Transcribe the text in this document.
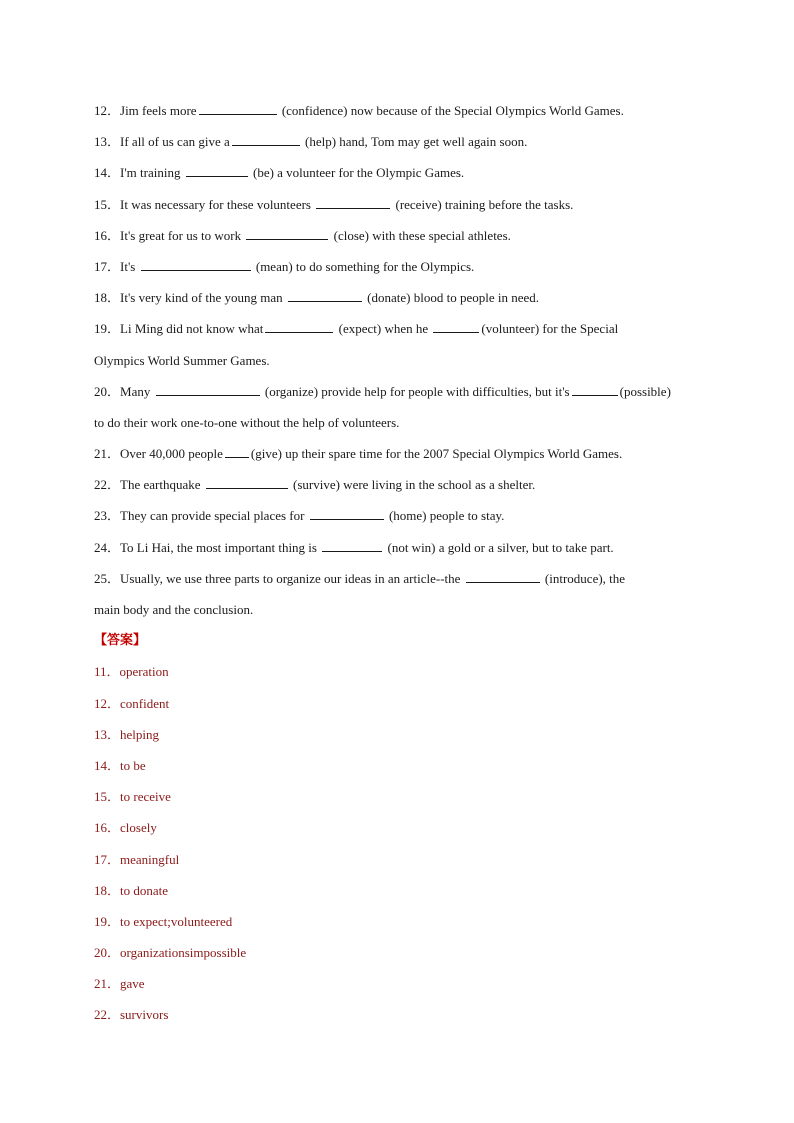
12．Jim feels more	(confidence) now because of the Special Olympics World Games.
13．If all of us can give a	(help) hand, Tom may get well again soon.
14．I'm training	(be) a volunteer for the Olympic Games.
15．It was necessary for these volunteers	(receive) training before the tasks.
16．It's great for us to work	(close) with these special athletes.
17．It's	(mean) to do something for the Olympics.
18．It's very kind of the young man	(donate) blood to people in need.
19．Li Ming did not know what	(expect) when he	(volunteer) for the Special
Olympics World Summer Games.
20．Many	(organize) provide help for people with difficulties, but it's	(possible)
to do their work one-to-one without the help of volunteers.
21．Over 40,000 people (give) up their spare time for the 2007 Special Olympics World Games.
22．The earthquake	(survive) were living in the school as a shelter.
23．They can provide special places for	(home) people to stay.
24．To Li Hai, the most important thing is	(not win) a gold or a silver, but to take part.
25．Usually, we use three parts to organize our ideas in an article--the	(introduce), the
main body and the conclusion.
【答案】
11．operation
12．confident
13．helping
14．to be
15．to receive
16．closely
17．meaningful
18．to donate
19．to expect;volunteered
20．organizationsimpossible
21．gave
22．survivors
